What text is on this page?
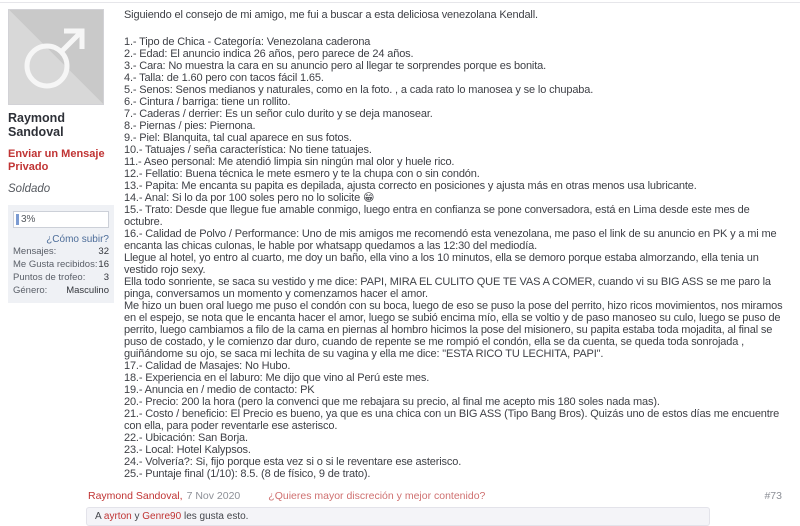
Raymond Sandoval
Enviar un Mensaje Privado
Soldado
3%
¿Cómo subir?
Mensajes:	32
Me Gusta recibidos: 16
Puntos de trofeo: 3
Género: Masculino
Siguiendo el consejo de mi amigo, me fui a buscar a esta deliciosa venezolana Kendall.
1.- Tipo de Chica - Categoría: Venezolana caderona
2.- Edad: El anuncio indica 26 años, pero parece de 24 años.
3.- Cara: No muestra la cara en su anuncio pero al llegar te sorprendes porque es bonita.
4.- Talla: de 1.60 pero con tacos fácil 1.65.
5.- Senos: Senos medianos y naturales, como en la foto. , a cada rato lo manosea y se lo chupaba.
6.- Cintura / barriga: tiene un rollito.
7.- Caderas / derrier: Es un señor culo durito y se deja manosear.
8.- Piernas / pies: Piernona.
9.- Piel: Blanquita, tal cual aparece en sus fotos.
10.- Tatuajes / seña característica: No tiene tatuajes.
11.- Aseo personal: Me atendió limpia sin ningún mal olor y huele rico.
12.- Fellatio: Buena técnica le mete esmero y te la chupa con o sin condón.
13.- Papita: Me encanta su papita es depilada, ajusta correcto en posiciones y ajusta más en otras menos usa lubricante.
14.- Anal: Si lo da por 100 soles pero no lo solicite 😁
15.- Trato: Desde que llegue fue amable conmigo, luego entra en confianza se pone conversadora, está en Lima desde este mes de octubre.
16.- Calidad de Polvo / Performance: Uno de mis amigos me recomendó esta venezolana, me paso el link de su anuncio en PK y a mi me encanta las chicas culonas, le hable por whatsapp quedamos a las 12:30 del mediodía.
Llegue al hotel, yo entro al cuarto, me doy un baño, ella vino a los 10 minutos, ella se demoro porque estaba almorzando, ella tenia un vestido rojo sexy.
Ella todo sonriente, se saca su vestido y me dice: PAPI, MIRA EL CULITO QUE TE VAS A COMER, cuando vi su BIG ASS se me paro la pinga, conversamos un momento y comenzamos hacer el amor.
Me hizo un buen oral luego me puso el condón con su boca, luego de eso se puso la pose del perrito, hizo ricos movimientos, nos miramos en el espejo, se nota que le encanta hacer el amor, luego se subió encima mío, ella se voltio y de paso manoseo su culo, luego se puso de perrito, luego cambiamos a filo de la cama en piernas al hombro hicimos la pose del misionero, su papita estaba toda mojadita, al final se puso de costado, y le comienzo dar duro, cuando de repente se me rompió el condón, ella se da cuenta, se queda toda sonrojada , guiñándome su ojo, se saca mi lechita de su vagina y ella me dice: "ESTA RICO TU LECHITA, PAPI".
17.- Calidad de Masajes: No Hubo.
18.- Experiencia en el laburo: Me dijo que vino al Perú este mes.
19.- Anuncia en / medio de contacto: PK
20.- Precio: 200 la hora (pero la convenci que me rebajara su precio, al final me acepto mis 180 soles nada mas).
21.- Costo / beneficio: El Precio es bueno, ya que es una chica con un BIG ASS (Tipo Bang Bros). Quizás uno de estos días me encuentre con ella, para poder reventarle ese asterisco.
22.- Ubicación: San Borja.
23.- Local: Hotel Kalypsos.
24.- Volvería?: Si, fijo porque esta vez si o si le reventare ese asterisco.
25.- Puntaje final (1/10): 8.5. (8 de físico, 9 de trato).
Raymond Sandoval, 7 Nov 2020	¿Quieres mayor discreción y mejor contenido?	#73
A ayrton y Genre90 les gusta esto.
